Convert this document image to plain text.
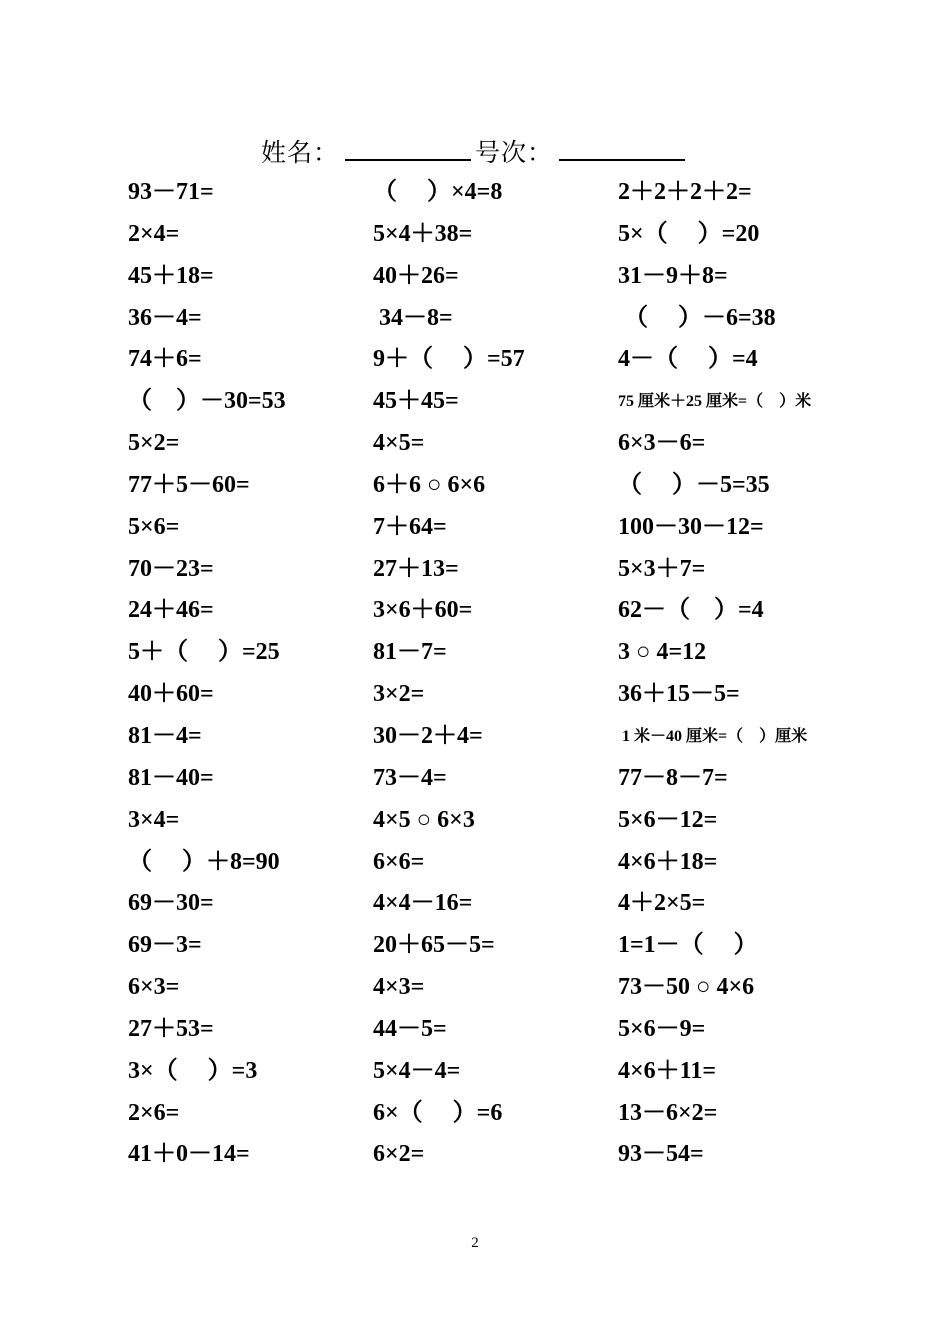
姓名：	号次：
93－71=	（　 ）×4=8	2＋2＋2＋2=
2×4=	5×4＋38=	5×（　 ）=20
45＋18=	40＋26=	31－9＋8=
36－4=	34－8=	（　 ）－6=38
74＋6=	9＋（　 ）=57	4－（　 ）=4
（　）－30=53	45＋45=	75 厘米＋25 厘米=（　）米
5×2=	4×5=	6×3－6=
77＋5－60=	6＋6 ○ 6×6	（　 ）－5=35
5×6=	7＋64=	100－30－12=
70－23=	27＋13=	5×3＋7=
24＋46=	3×6＋60=	62－（　）=4
5＋（　 ）=25	81－7=	3 ○ 4=12
40＋60=	3×2=	36＋15－5=
81－4=	30－2＋4=	1 米－40 厘米=（　）厘米
81－40=	73－4=	77－8－7=
3×4=	4×5 ○ 6×3	5×6－12=
（　 ）＋8=90	6×6=	4×6＋18=
69－30=	4×4－16=	4＋2×5=
69－3=	20＋65－5=	1=1－（　 ）
6×3=	4×3=	73－50 ○ 4×6
27＋53=	44－5=	5×6－9=
3×（　 ）=3	5×4－4=	4×6＋11=
2×6=	6×（　 ）=6	13－6×2=
41＋0－14=	6×2=	93－54=
2
